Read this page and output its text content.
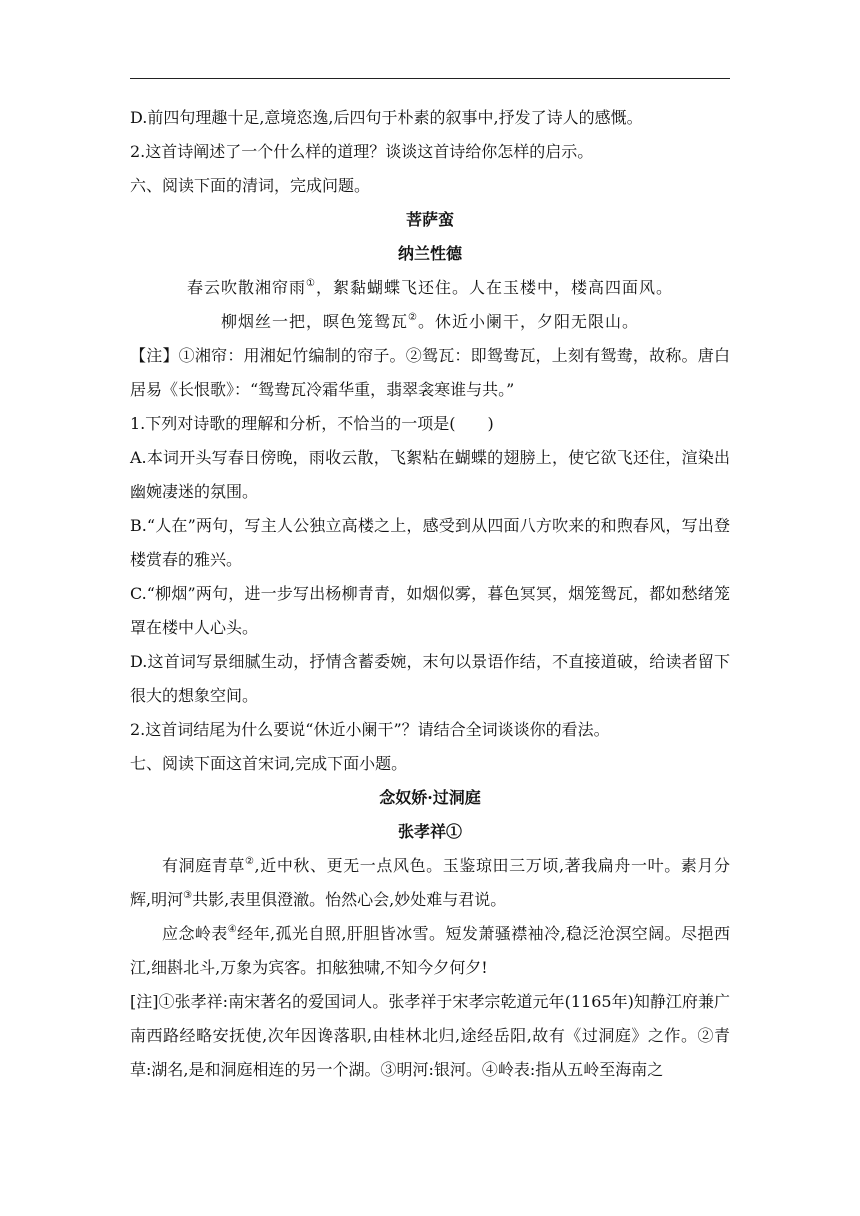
D.前四句理趣十足,意境恣逸,后四句于朴素的叙事中,抒发了诗人的感慨。

2.这首诗阐述了一个什么样的道理？谈谈这首诗给你怎样的启示。

六、阅读下面的清词，完成问题。

菩萨蛮

纳兰性德

春云吹散湘帘雨①，絮黏蝴蝶飞还住。人在玉楼中，楼高四面风。

柳烟丝一把，暝色笼鸳瓦②。休近小阑干，夕阳无限山。

【注】①湘帘：用湘妃竹编制的帘子。②鸳瓦：即鸳鸯瓦，上刻有鸳鸯，故称。唐白居易《长恨歌》：“鸳鸯瓦冷霜华重，翡翠衾寒谁与共。”

1.下列对诗歌的理解和分析，不恰当的一项是(　　)

A.本词开头写春日傍晚，雨收云散，飞絮粘在蝴蝶的翅膀上，使它欲飞还住，渲染出幽婉凄迷的氛围。

B.“人在”两句，写主人公独立高楼之上，感受到从四面八方吹来的和煦春风，写出登楼赏春的雅兴。

C.“柳烟”两句，进一步写出杨柳青青，如烟似雾，暮色冥冥，烟笼鸳瓦，都如愁绪笼罩在楼中人心头。

D.这首词写景细腻生动，抒情含蓄委婉，末句以景语作结，不直接道破，给读者留下很大的想象空间。

2.这首词结尾为什么要说“休近小阑干”？请结合全词谈谈你的看法。

七、阅读下面这首宋词,完成下面小题。

念奴娇·过洞庭

张孝祥①

有洞庭青草②,近中秋、更无一点风色。玉鉴琼田三万顷,著我扁舟一叶。素月分辉,明河③共影,表里俱澄澈。怡然心会,妙处难与君说。

应念岭表④经年,孤光自照,肝胆皆冰雪。短发萧骚襟袖冷,稳泛沧溟空阔。尽挹西江,细斟北斗,万象为宾客。扣舷独啸,不知今夕何夕!

[注]①张孝祥:南宋著名的爱国词人。张孝祥于宋孝宗乾道元年(1165年)知静江府兼广南西路经略安抚使,次年因谗落职,由桂林北归,途经岳阳,故有《过洞庭》之作。②青草:湖名,是和洞庭相连的另一个湖。③明河:银河。④岭表:指从五岭至海南之
